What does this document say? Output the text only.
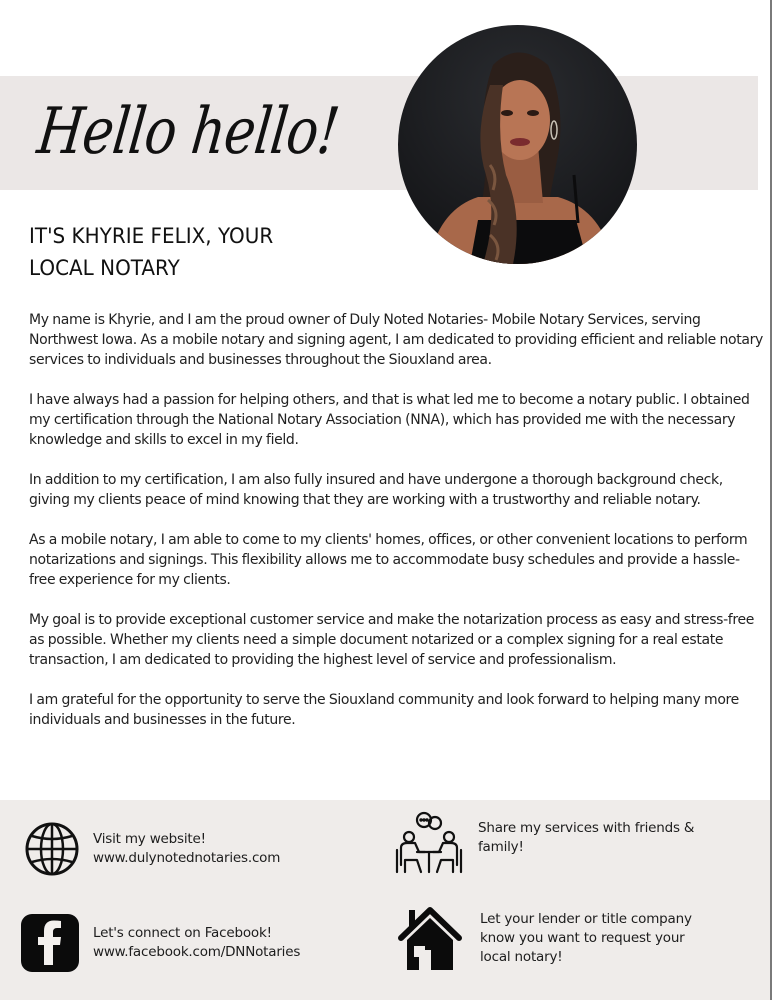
Hello hello!
IT'S KHYRIE FELIX, YOUR
LOCAL NOTARY

My name is Khyrie, and I am the proud owner of Duly Noted Notaries- Mobile Notary Services, serving Northwest Iowa. As a mobile notary and signing agent, I am dedicated to providing efficient and reliable notary services to individuals and businesses throughout the Siouxland area.

I have always had a passion for helping others, and that is what led me to become a notary public. I obtained my certification through the National Notary Association (NNA), which has provided me with the necessary knowledge and skills to excel in my field.

In addition to my certification, I am also fully insured and have undergone a thorough background check, giving my clients peace of mind knowing that they are working with a trustworthy and reliable notary.

As a mobile notary, I am able to come to my clients' homes, offices, or other convenient locations to perform notarizations and signings. This flexibility allows me to accommodate busy schedules and provide a hassle-free experience for my clients.

My goal is to provide exceptional customer service and make the notarization process as easy and stress-free as possible. Whether my clients need a simple document notarized or a complex signing for a real estate transaction, I am dedicated to providing the highest level of service and professionalism.

I am grateful for the opportunity to serve the Siouxland community and look forward to helping many more individuals and businesses in the future.

Visit my website!
www.dulynotednotaries.com
Let's connect on Facebook!
www.facebook.com/DNNotaries
Share my services with friends &
family!
Let your lender or title company
know you want to request your
local notary!
